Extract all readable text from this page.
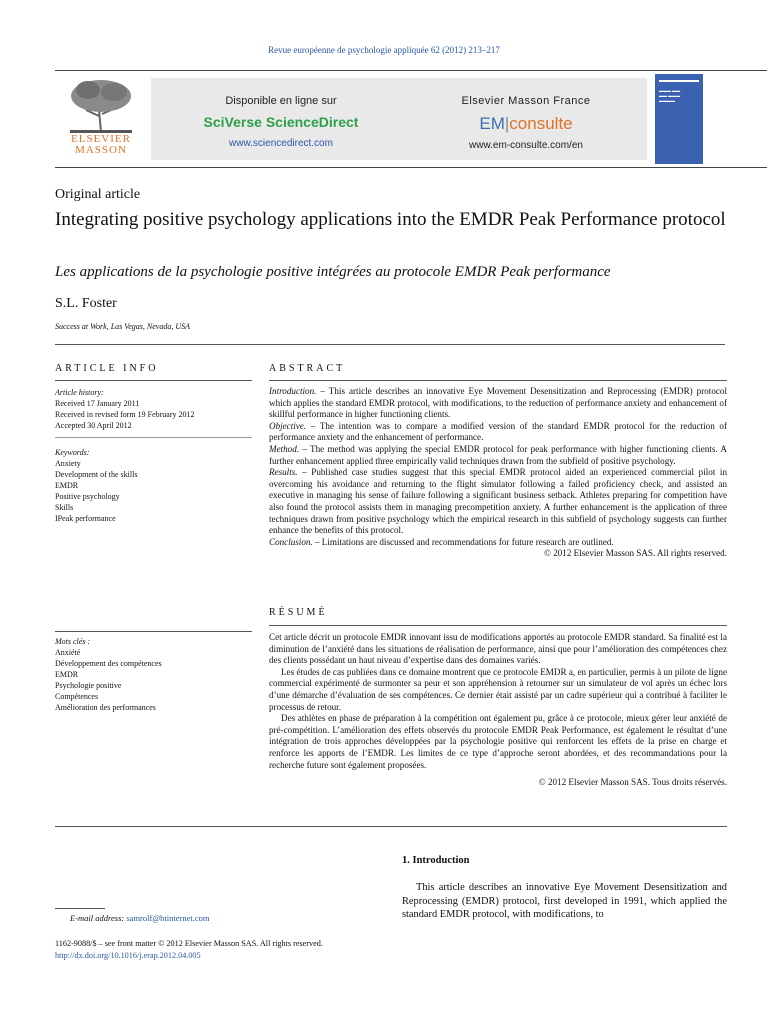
Revue européenne de psychologie appliquée 62 (2012) 213–217
ELSEVIER
MASSON
Disponible en ligne sur
SciVerse ScienceDirect
www.sciencedirect.com
Elsevier Masson France
EM|consulte
www.em-consulte.com/en
▬▬▬ ▬▬
▬▬ ▬▬▬
▬▬▬▬
Original article
Integrating positive psychology applications into the EMDR Peak Performance protocol
Les applications de la psychologie positive intégrées au protocole EMDR Peak performance
S.L. Foster
Success at Work, Las Vegas, Nevada, USA
ARTICLE INFO
Article history:
Received 17 January 2011
Received in revised form 19 February 2012
Accepted 30 April 2012
Keywords:
Anxiety
Development of the skills
EMDR
Positive psychology
Skills
IPeak performance
Mots clés :
Anxiété
Développement des compétences
EMDR
Psychologie positive
Compétences
Amélioration des performances
ABSTRACT

Introduction. – This article describes an innovative Eye Movement Desensitization and Reprocessing (EMDR) protocol which applies the standard EMDR protocol, with modifications, to the reduction of performance anxiety and enhancement of skillful performance in higher functioning clients.

Objective. – The intention was to compare a modified version of the standard EMDR protocol for the reduction of performance anxiety and the enhancement of performance.

Method. – The method was applying the special EMDR protocol for peak performance with higher functioning clients. A further enhancement applied three empirically valid techniques drawn from the subfield of positive psychology.

Results. – Published case studies suggest that this special EMDR protocol aided an experienced commercial pilot in overcoming his avoidance and returning to the flight simulator following a failed proficiency check, and assisted an executive in managing his sense of failure following a significant business setback. Athletes preparing for competition have also found the protocol assists them in managing precompetition anxiety. A further enhancement is the application of three techniques drawn from positive psychology which the empirical research in this subfield of psychology suggests can further enhance the benefits of this protocol.

Conclusion. – Limitations are discussed and recommendations for future research are outlined.

© 2012 Elsevier Masson SAS. All rights reserved.

RÉSUMÉ

Cet article décrit un protocole EMDR innovant issu de modifications apportés au protocole EMDR standard. Sa finalité est la diminution de l’anxiété dans les situations de réalisation de performance, ainsi que pour l’amélioration des compétences chez des clients possédant un haut niveau d’expertise dans des domaines variés.

Les études de cas publiées dans ce domaine montrent que ce protocole EMDR a, en particulier, permis à un pilote de ligne commercial expérimenté de surmonter sa peur et son appréhension à retourner sur un simulateur de vol après un échec lors d’une démarche d’évaluation de ses compétences. Ce dernier était assisté par un cadre supérieur qui a contribué à faciliter le processus de retour.

Des athlètes en phase de préparation à la compétition ont également pu, grâce à ce protocole, mieux gérer leur anxiété de pré-compétition. L’amélioration des effets observés du protocole EMDR Peak Performance, est également le résultat d’une intégration de trois approches développées par la psychologie positive qui renforcent les effets de la prise en charge et renforce les apports de l’EMDR. Les limites de ce type d’approche seront abordées, et des recommandations pour la recherche future sont également proposées.

© 2012 Elsevier Masson SAS. Tous droits réservés.

1. Introduction
This article describes an innovative Eye Movement Desensitization and Reprocessing (EMDR) protocol, first developed in 1991, which applied the standard EMDR protocol, with modifications, to
E-mail address: samrolf@btinternet.com
1162-9088/$ – see front matter © 2012 Elsevier Masson SAS. All rights reserved.
http://dx.doi.org/10.1016/j.erap.2012.04.005
